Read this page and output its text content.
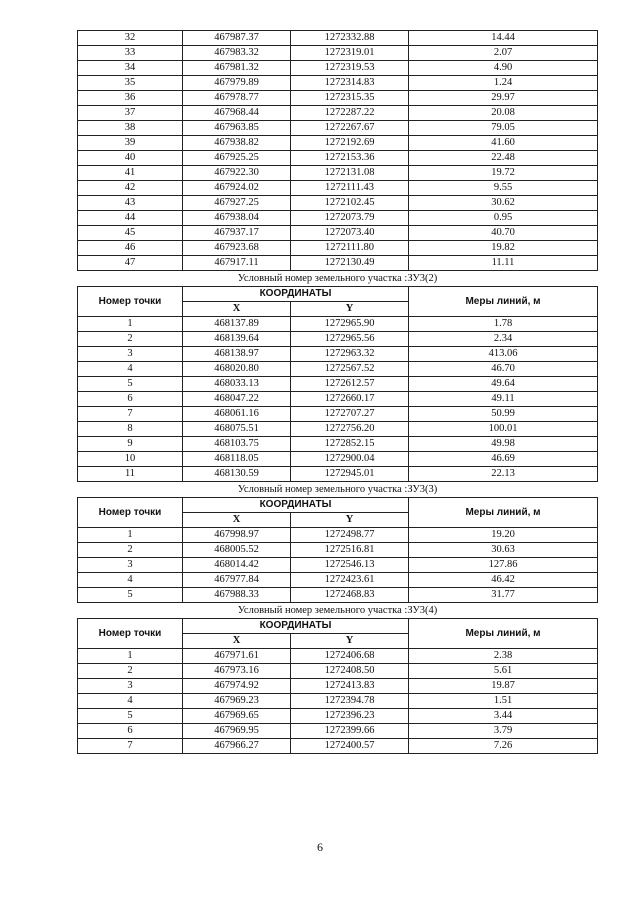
32	467987.37	1272332.88	14.44
33	467983.32	1272319.01	2.07
34	467981.32	1272319.53	4.90
35	467979.89	1272314.83	1.24
36	467978.77	1272315.35	29.97
37	467968.44	1272287.22	20.08
38	467963.85	1272267.67	79.05
39	467938.82	1272192.69	41.60
40	467925.25	1272153.36	22.48
41	467922.30	1272131.08	19.72
42	467924.02	1272111.43	9.55
43	467927.25	1272102.45	30.62
44	467938.04	1272073.79	0.95
45	467937.17	1272073.40	40.70
46	467923.68	1272111.80	19.82
47	467917.11	1272130.49	11.11
Условный номер земельного участка :ЗУ3(2)			
Номер точки	КООРДИНАТЫ		Меры линий, м
	X	Y	
1	468137.89	1272965.90	1.78
2	468139.64	1272965.56	2.34
3	468138.97	1272963.32	413.06
4	468020.80	1272567.52	46.70
5	468033.13	1272612.57	49.64
6	468047.22	1272660.17	49.11
7	468061.16	1272707.27	50.99
8	468075.51	1272756.20	100.01
9	468103.75	1272852.15	49.98
10	468118.05	1272900.04	46.69
11	468130.59	1272945.01	22.13
Условный номер земельного участка :ЗУ3(3)			
Номер точки	КООРДИНАТЫ		Меры линий, м
	X	Y	
1	467998.97	1272498.77	19.20
2	468005.52	1272516.81	30.63
3	468014.42	1272546.13	127.86
4	467977.84	1272423.61	46.42
5	467988.33	1272468.83	31.77
Условный номер земельного участка :ЗУ3(4)			
Номер точки	КООРДИНАТЫ		Меры линий, м
	X	Y	
1	467971.61	1272406.68	2.38
2	467973.16	1272408.50	5.61
3	467974.92	1272413.83	19.87
4	467969.23	1272394.78	1.51
5	467969.65	1272396.23	3.44
6	467969.95	1272399.66	3.79
7	467966.27	1272400.57	7.26
6
